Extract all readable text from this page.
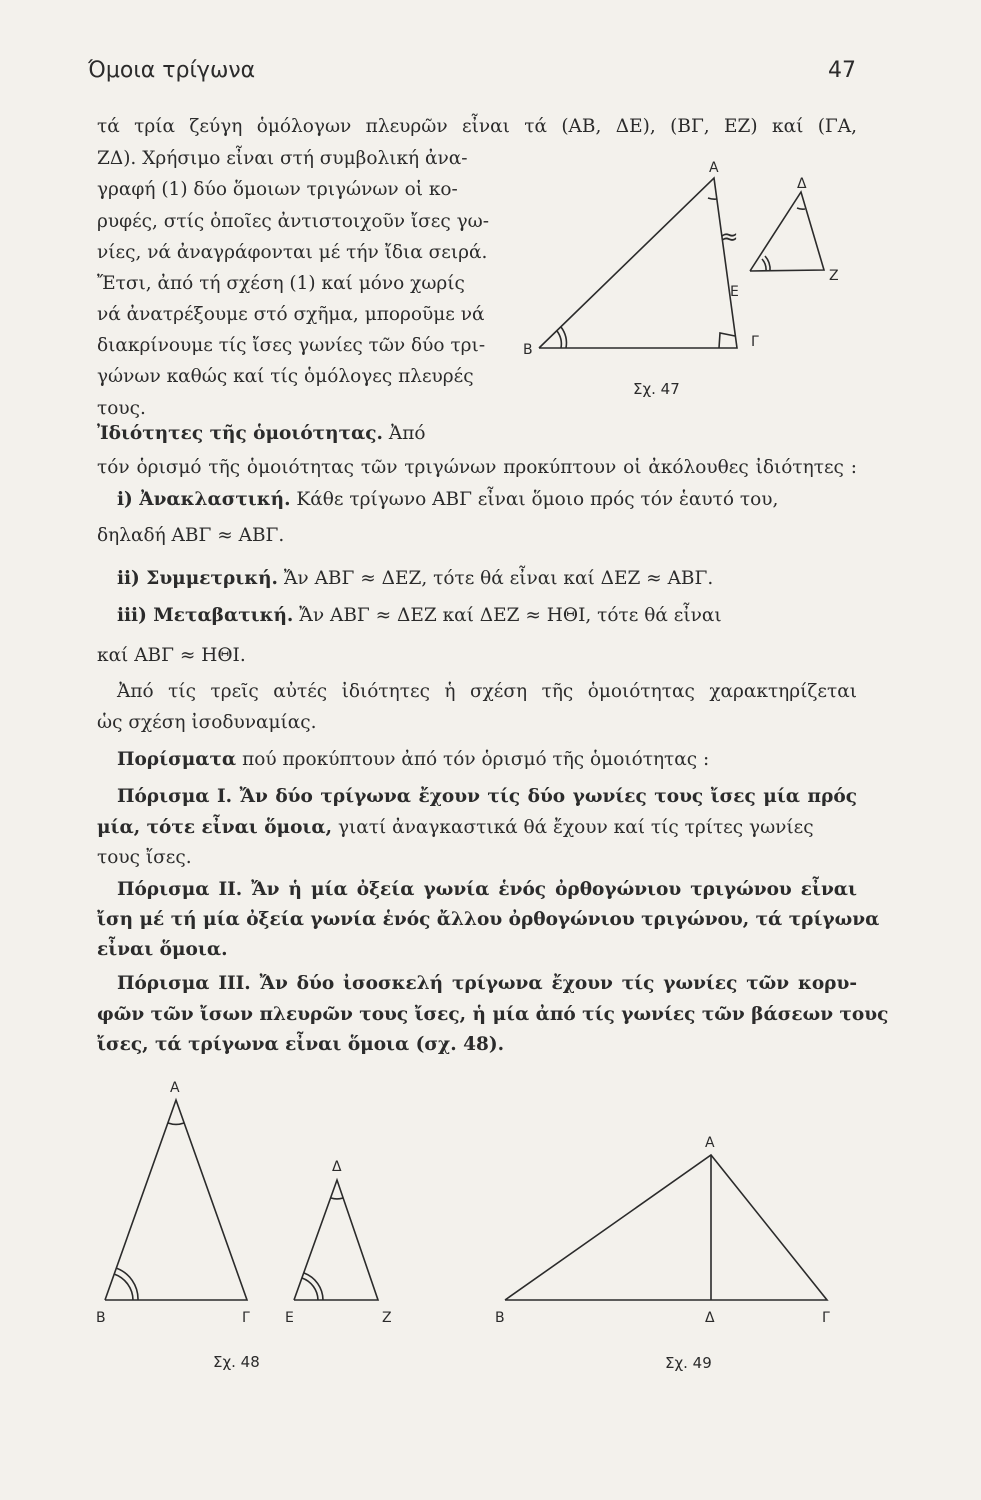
Όμοια τρίγωνα	47
τά τρία ζεύγη ὁμόλογων πλευρῶν εἶναι τά (ΑΒ, ΔΕ), (ΒΓ, ΕΖ) καί (ΓΑ,
ΖΔ). Χρήσιμο εἶναι στή συμβολική ἀνα-
γραφή (1) δύο ὅμοιων τριγώνων οἱ κο-
ρυφές, στίς ὁποῖες ἀντιστοιχοῦν ἴσες γω-
νίες, νά ἀναγράφονται μέ τήν ἴδια σειρά.
Ἔτσι, ἀπό τή σχέση (1) καί μόνο χωρίς
νά ἀνατρέξουμε στό σχῆμα, μποροῦμε νά
διακρίνουμε τίς ἴσες γωνίες τῶν δύο τρι-
γώνων καθώς καί τίς ὁμόλογες πλευρές
τους.
Α
Δ
Β	Γ
Ε
Ζ
≈
Σχ. 47
Ἰδιότητες τῆς ὁμοιότητας. Ἀπό
τόν ὁρισμό τῆς ὁμοιότητας τῶν τριγώνων προκύπτουν οἱ ἀκόλουθες ἰδιότητες :
i) Ἀνακλαστική. Κάθε τρίγωνο ΑΒΓ εἶναι ὅμοιο πρός τόν ἑαυτό του,
δηλαδή ΑΒΓ ≈ ΑΒΓ.
ii) Συμμετρική. Ἄν ΑΒΓ ≈ ΔΕΖ, τότε θά εἶναι καί ΔΕΖ ≈ ΑΒΓ.
iii) Μεταβατική. Ἄν ΑΒΓ ≈ ΔΕΖ καί ΔΕΖ ≈ ΗΘΙ, τότε θά εἶναι
καί ΑΒΓ ≈ ΗΘΙ.
Ἀπό τίς τρεῖς αὐτές ἰδιότητες ἡ σχέση τῆς ὁμοιότητας χαρακτηρίζεται
ὡς σχέση ἰσοδυναμίας.
Πορίσματα πού προκύπτουν ἀπό τόν ὁρισμό τῆς ὁμοιότητας :
Πόρισμα Ι. Ἄν δύο τρίγωνα ἔχουν τίς δύο γωνίες τους ἴσες μία πρός
μία, τότε εἶναι ὅμοια, γιατί ἀναγκαστικά θά ἔχουν καί τίς τρίτες γωνίες
τους ἴσες.
Πόρισμα ΙΙ. Ἄν ἡ μία ὀξεία γωνία ἑνός ὀρθογώνιου τριγώνου εἶναι
ἴση μέ τή μία ὀξεία γωνία ἑνός ἄλλου ὀρθογώνιου τριγώνου, τά τρίγωνα
εἶναι ὅμοια.
Πόρισμα ΙΙΙ. Ἄν δύο ἰσοσκελή τρίγωνα ἔχουν τίς γωνίες τῶν κορυ-
φῶν τῶν ἴσων πλευρῶν τους ἴσες, ἡ μία ἀπό τίς γωνίες τῶν βάσεων τους
ἴσες, τά τρίγωνα εἶναι ὅμοια (σχ. 48).
Α
Β	Γ
Δ
Ε	Ζ
Σχ. 48
Α
Β	Δ	Γ
Σχ. 49
